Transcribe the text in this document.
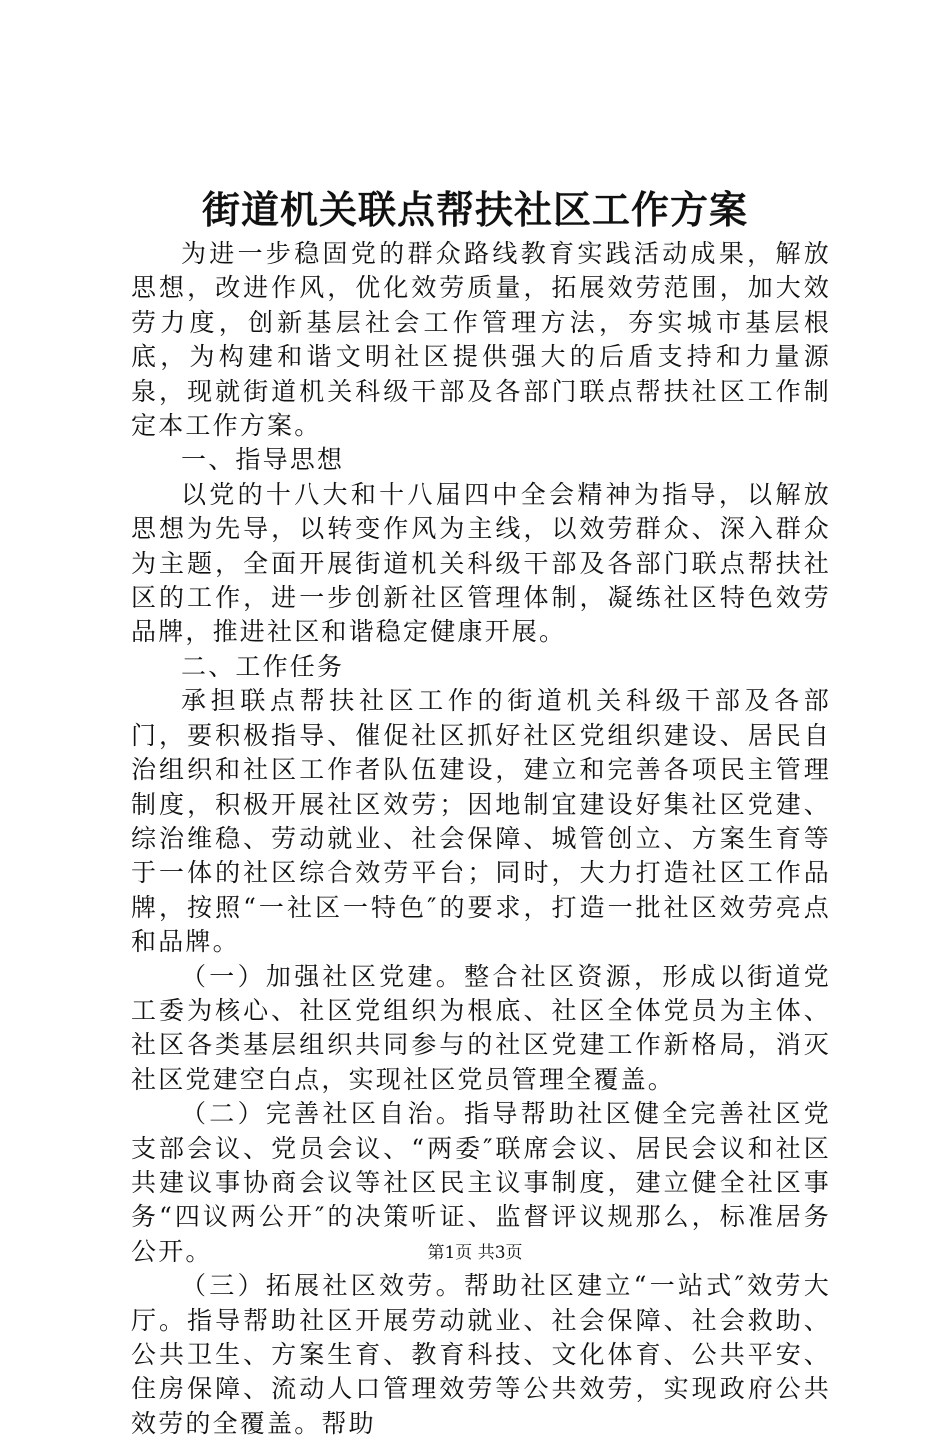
街道机关联点帮扶社区工作方案

为进一步稳固党的群众路线教育实践活动成果，解放思想，改进作风，优化效劳质量，拓展效劳范围，加大效劳力度，创新基层社会工作管理方法，夯实城市基层根底，为构建和谐文明社区提供强大的后盾支持和力量源泉，现就街道机关科级干部及各部门联点帮扶社区工作制定本工作方案。

一、指导思想

以党的十八大和十八届四中全会精神为指导，以解放思想为先导，以转变作风为主线，以效劳群众、深入群众为主题，全面开展街道机关科级干部及各部门联点帮扶社区的工作，进一步创新社区管理体制，凝练社区特色效劳品牌，推进社区和谐稳定健康开展。

二、工作任务

承担联点帮扶社区工作的街道机关科级干部及各部门，要积极指导、催促社区抓好社区党组织建设、居民自治组织和社区工作者队伍建设，建立和完善各项民主管理制度，积极开展社区效劳；因地制宜建设好集社区党建、综治维稳、劳动就业、社会保障、城管创立、方案生育等于一体的社区综合效劳平台；同时，大力打造社区工作品牌，按照“一社区一特色″的要求，打造一批社区效劳亮点和品牌。

（一）加强社区党建。整合社区资源，形成以街道党工委为核心、社区党组织为根底、社区全体党员为主体、社区各类基层组织共同参与的社区党建工作新格局，消灭社区党建空白点，实现社区党员管理全覆盖。

（二）完善社区自治。指导帮助社区健全完善社区党支部会议、党员会议、“两委″联席会议、居民会议和社区共建议事协商会议等社区民主议事制度，建立健全社区事务“四议两公开″的决策听证、监督评议规那么，标准居务公开。

（三）拓展社区效劳。帮助社区建立“一站式″效劳大厅。指导帮助社区开展劳动就业、社会保障、社会救助、公共卫生、方案生育、教育科技、文化体育、公共平安、住房保障、流动人口管理效劳等公共效劳，实现政府公共效劳的全覆盖。帮助

第1页 共3页
